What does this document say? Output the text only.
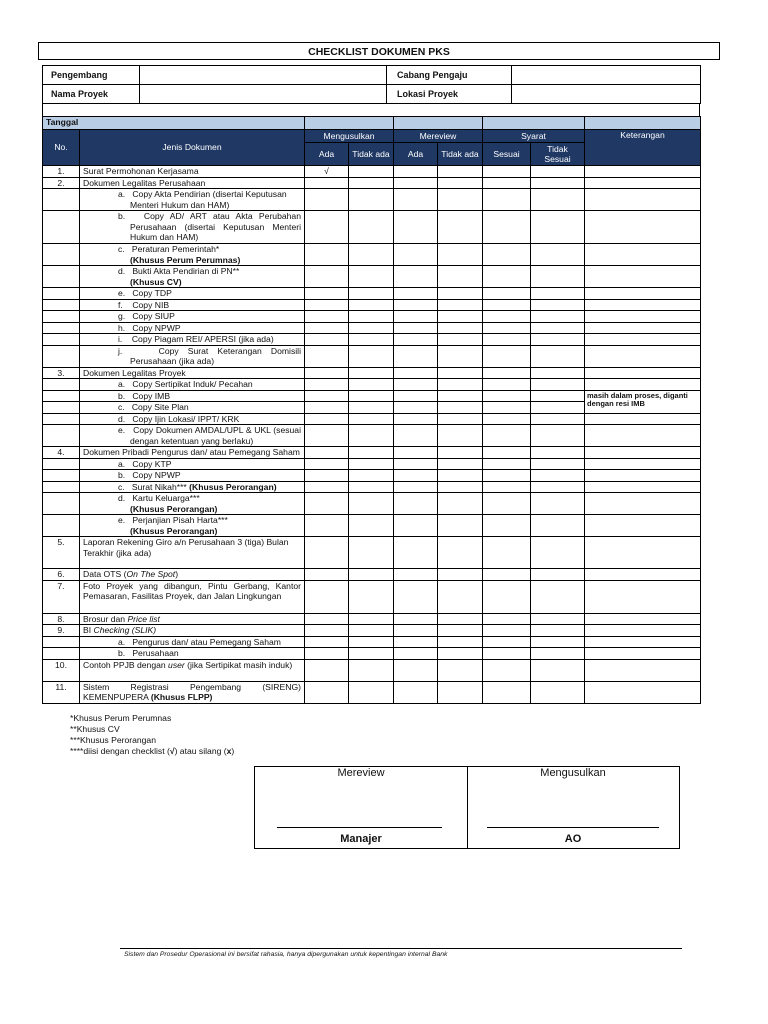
CHECKLIST DOKUMEN PKS
Pengembang		Cabang Pengaju	
Nama Proyek		Lokasi Proyek	
Tanggal								
No.	Jenis Dokumen	Mengusulkan		Mereview		Syarat		Keterangan
		Ada	Tidak ada	Ada	Tidak ada	Sesuai	Tidak Sesuai	
1.	Surat Permohonan Kerjasama	√						
2.	Dokumen Legalitas Perusahaan							
	a.   Copy Akta Pendirian (disertai Keputusan Menteri Hukum dan HAM)							
	b.   Copy AD/ ART atau Akta Perubahan Perusahaan (disertai Keputusan Menteri Hukum dan HAM)							
	c.   Peraturan Pemerintah*
(Khusus Perum Perumnas)							
	d.   Bukti Akta Pendirian di PN**
(Khusus CV)							
	e.   Copy TDP							
	f.    Copy NIB							
	g.   Copy SIUP							
	h.   Copy NPWP							
	i.    Copy Piagam REI/ APERSI (jika ada)							
	j.    Copy Surat Keterangan Domisili Perusahaan (jika ada)							
3.	Dokumen Legalitas Proyek							
	a.   Copy Sertipikat Induk/ Pecahan							
	b.   Copy IMB							masih dalam proses, diganti dengan resi IMB
	c.   Copy Site Plan							
	d.   Copy Ijin Lokasi/ IPPT/ KRK							
	e.   Copy Dokumen AMDAL/UPL & UKL (sesuai dengan ketentuan yang berlaku)							
4.	Dokumen Pribadi Pengurus dan/ atau Pemegang Saham							
	a.   Copy KTP							
	b.   Copy NPWP							
	c.   Surat Nikah*** (Khusus Perorangan)							
	d.   Kartu Keluarga***
(Khusus Perorangan)							
	e.   Perjanjian Pisah Harta***
(Khusus Perorangan)							
5.	Laporan Rekening Giro a/n Perusahaan 3 (tiga) Bulan Terakhir (jika ada)							
6.	Data OTS (On The Spot)							
7.	Foto Proyek yang dibangun, Pintu Gerbang, Kantor Pemasaran, Fasilitas Proyek, dan Jalan Lingkungan							
8.	Brosur dan Price list							
9.	BI Checking (SLIK)							
	a.   Pengurus dan/ atau Pemegang Saham							
	b.   Perusahaan							
10.	Contoh PPJB dengan user (jika Sertipikat masih induk)							
11.	Sistem Registrasi Pengembang (SIRENG) KEMENPUPERA (Khusus FLPP)							
*Khusus Perum Perumnas
**Khusus CV
***Khusus Perorangan
****diisi dengan checklist (√) atau silang (x)
Mereview
Manajer
Mengusulkan
AO
Sistem dan Prosedur Operasional ini bersifat rahasia, hanya dipergunakan untuk kepentingan internal Bank
